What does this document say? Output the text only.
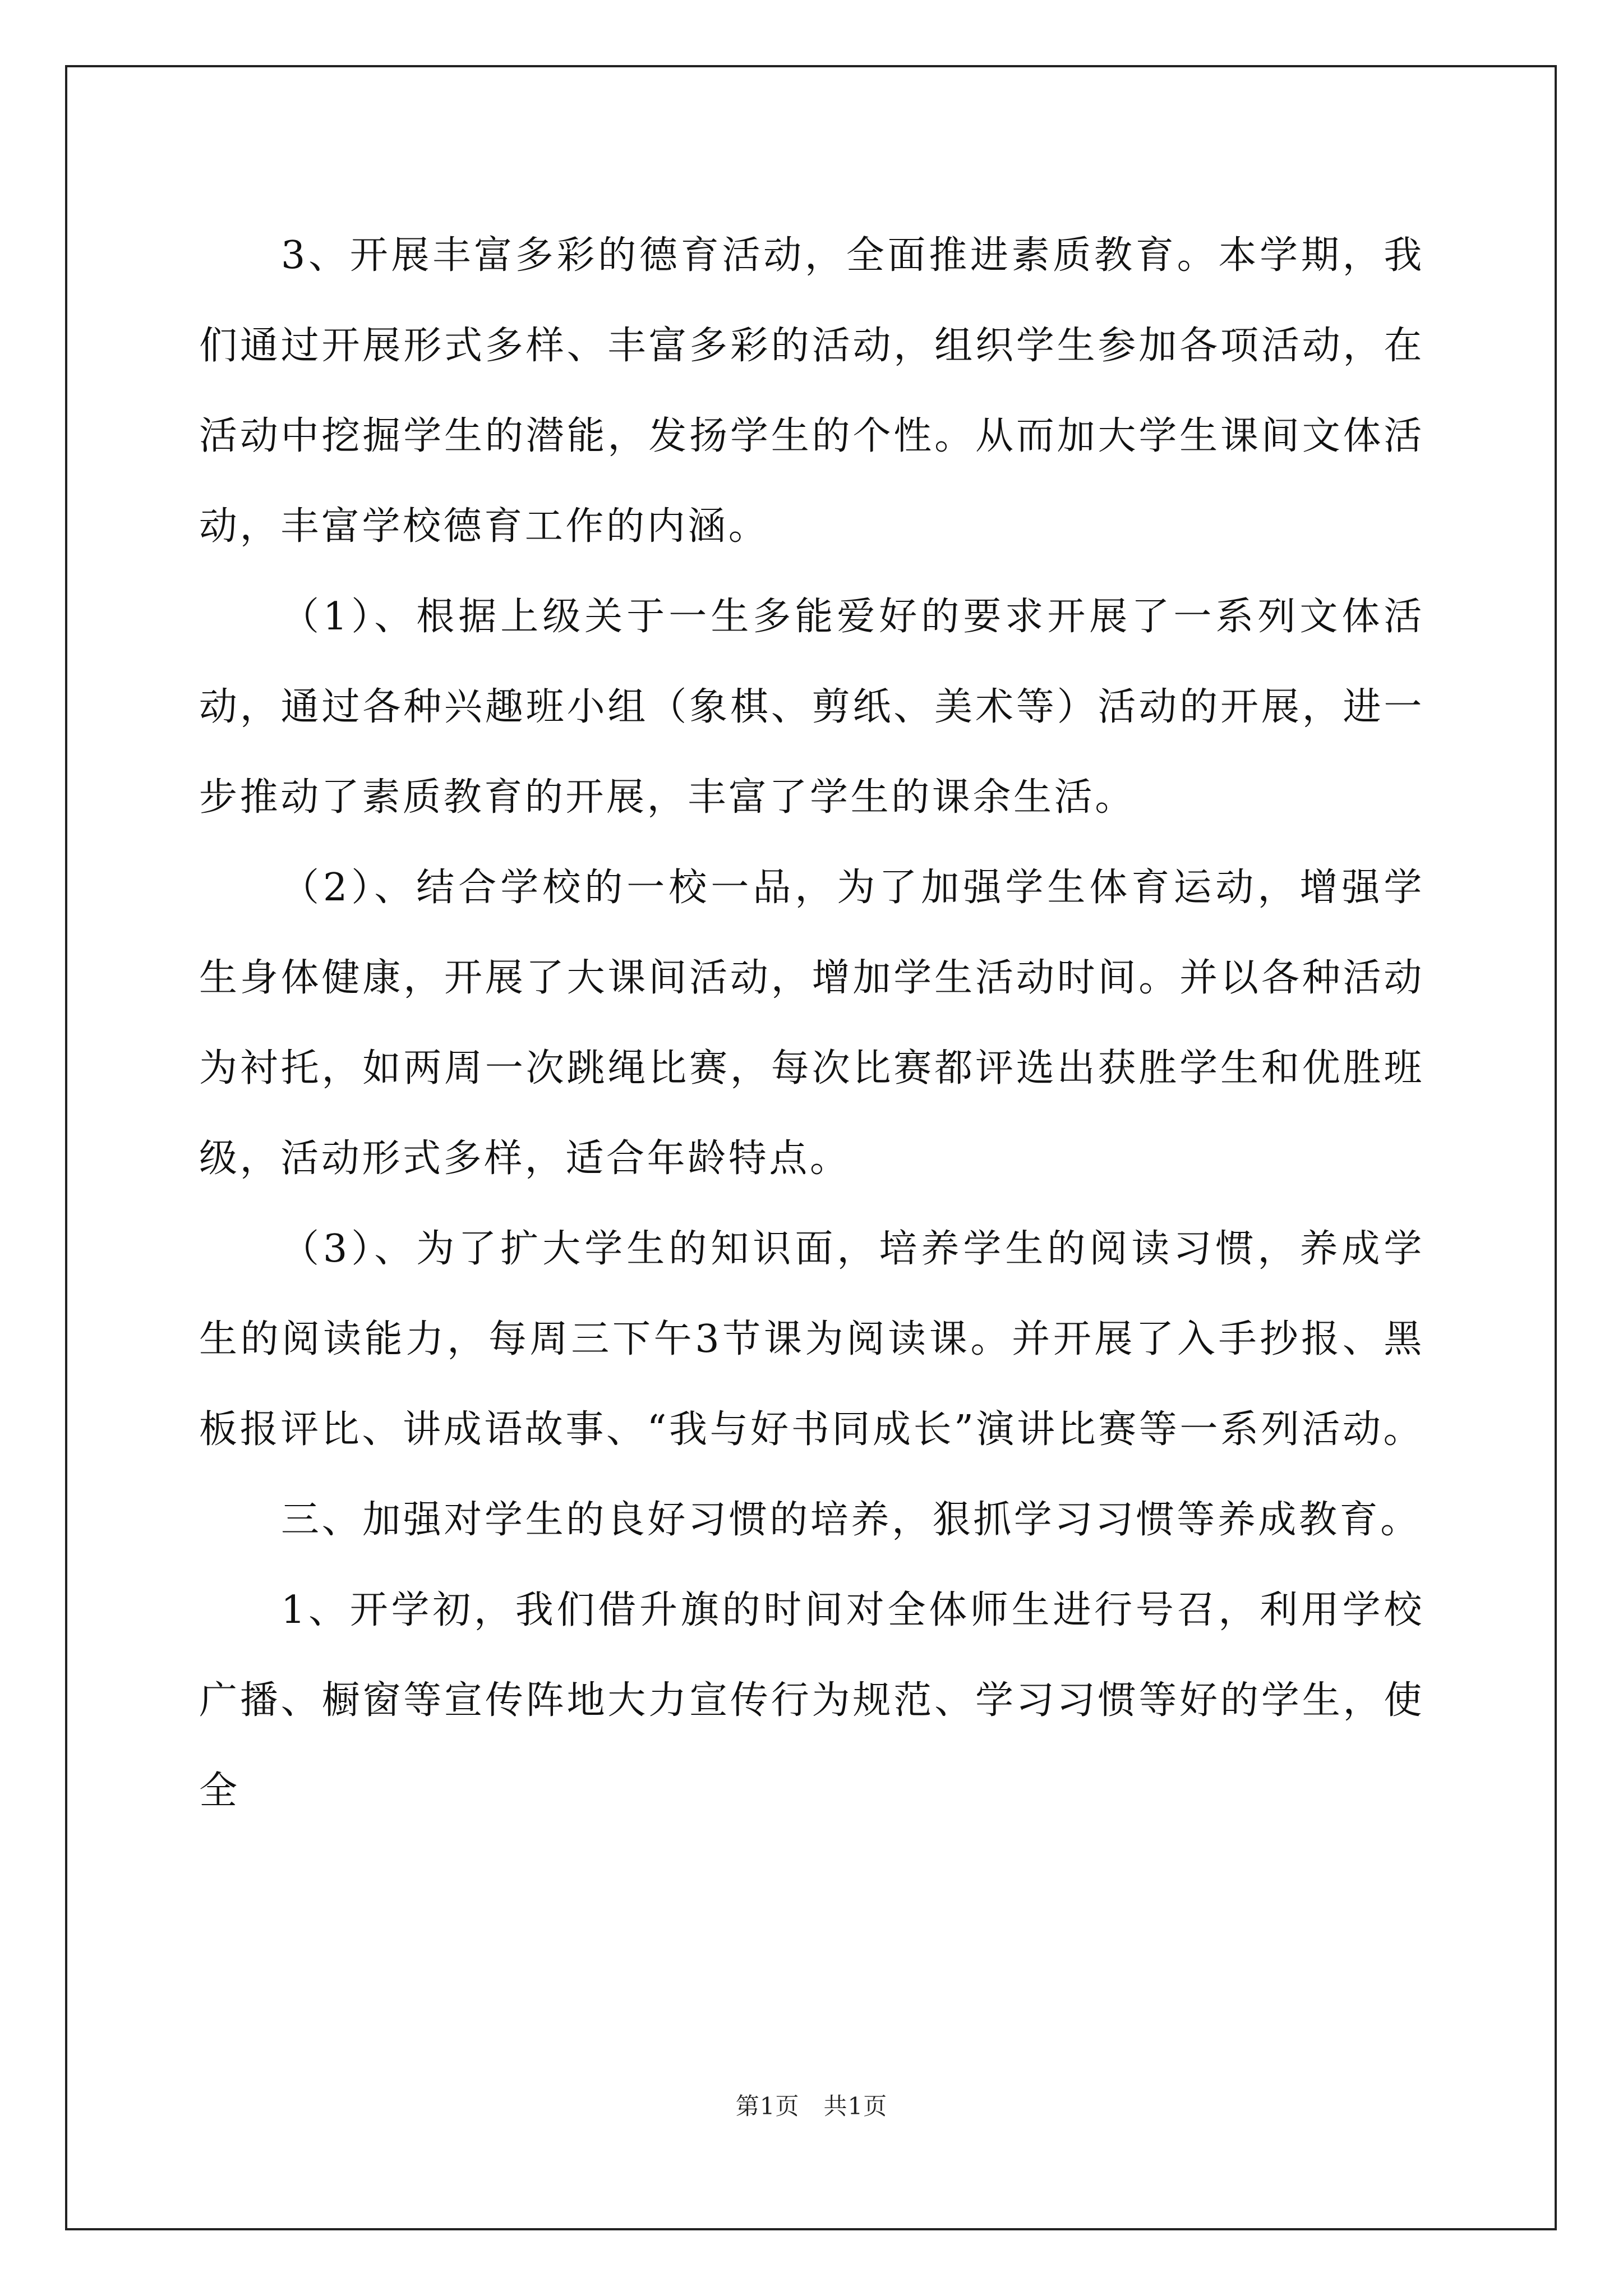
3、开展丰富多彩的德育活动，全面推进素质教育。本学期，我们通过开展形式多样、丰富多彩的活动，组织学生参加各项活动，在活动中挖掘学生的潜能，发扬学生的个性。从而加大学生课间文体活动，丰富学校德育工作的内涵。

（1）、根据上级关于一生多能爱好的要求开展了一系列文体活动，通过各种兴趣班小组（象棋、剪纸、美术等）活动的开展，进一步推动了素质教育的开展，丰富了学生的课余生活。

（2）、结合学校的一校一品，为了加强学生体育运动，增强学生身体健康，开展了大课间活动，增加学生活动时间。并以各种活动为衬托，如两周一次跳绳比赛，每次比赛都评选出获胜学生和优胜班级，活动形式多样，适合年龄特点。

（3）、为了扩大学生的知识面，培养学生的阅读习惯，养成学生的阅读能力，每周三下午3节课为阅读课。并开展了入手抄报、黑板报评比、讲成语故事、“我与好书同成长”演讲比赛等一系列活动。

三、加强对学生的良好习惯的培养，狠抓学习习惯等养成教育。

1、开学初，我们借升旗的时间对全体师生进行号召，利用学校广播、橱窗等宣传阵地大力宣传行为规范、学习习惯等好的学生，使全

第1页　共1页
